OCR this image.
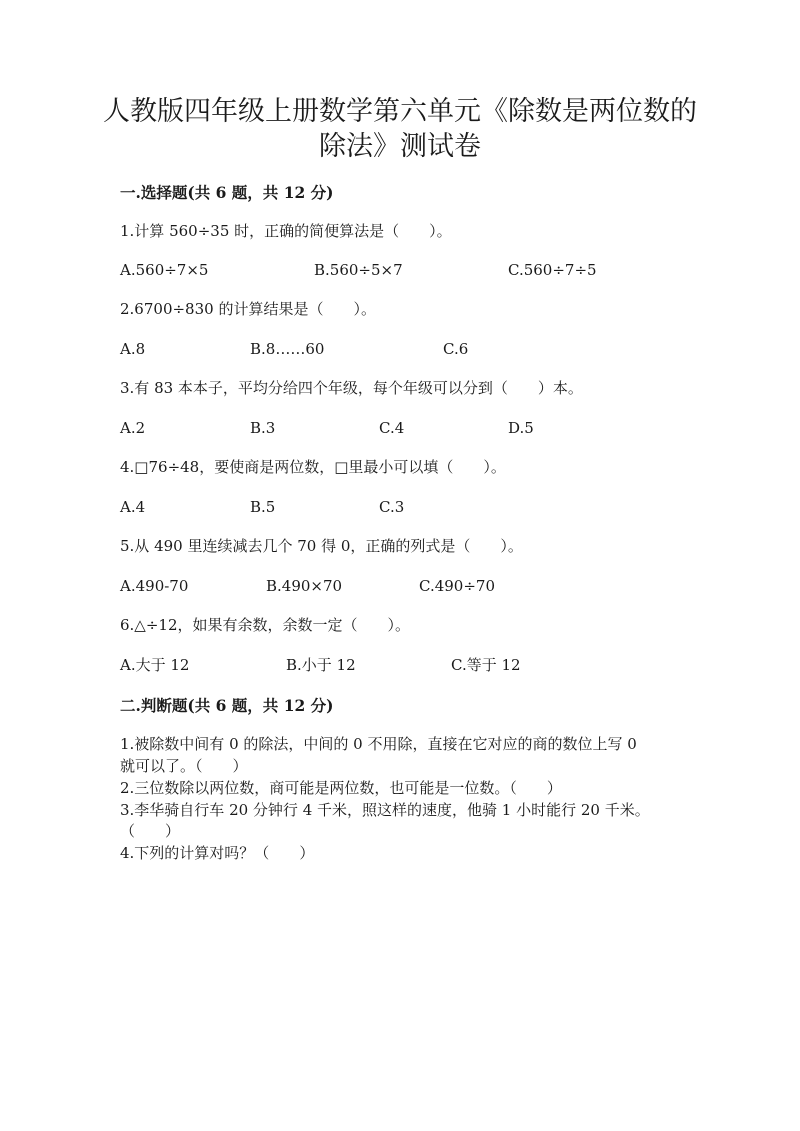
人教版四年级上册数学第六单元《除数是两位数的
除法》测试卷
一.选择题(共 6 题，共 12 分)

1.计算 560÷35 时，正确的简便算法是（　　）。

A.560÷7×5	B.560÷5×7	C.560÷7÷5

2.6700÷830 的计算结果是（　　）。

A.8	B.8……60	C.6

3.有 83 本本子，平均分给四个年级，每个年级可以分到（　　）本。

A.2	B.3	C.4	D.5

4.□76÷48，要使商是两位数，□里最小可以填（　　）。

A.4	B.5	C.3

5.从 490 里连续减去几个 70 得 0，正确的列式是（　　）。

A.490-70	B.490×70	C.490÷70

6.△÷12，如果有余数，余数一定（　　）。

A.大于 12	B.小于 12	C.等于 12
二.判断题(共 6 题，共 12 分)
1.被除数中间有 0 的除法，中间的 0 不用除，直接在它对应的商的数位上写 0
就可以了。（　　）
2.三位数除以两位数，商可能是两位数，也可能是一位数。（　　）
3.李华骑自行车 20 分钟行 4 千米，照这样的速度，他骑 1 小时能行 20 千米。
（　　）
4.下列的计算对吗？（　　）
